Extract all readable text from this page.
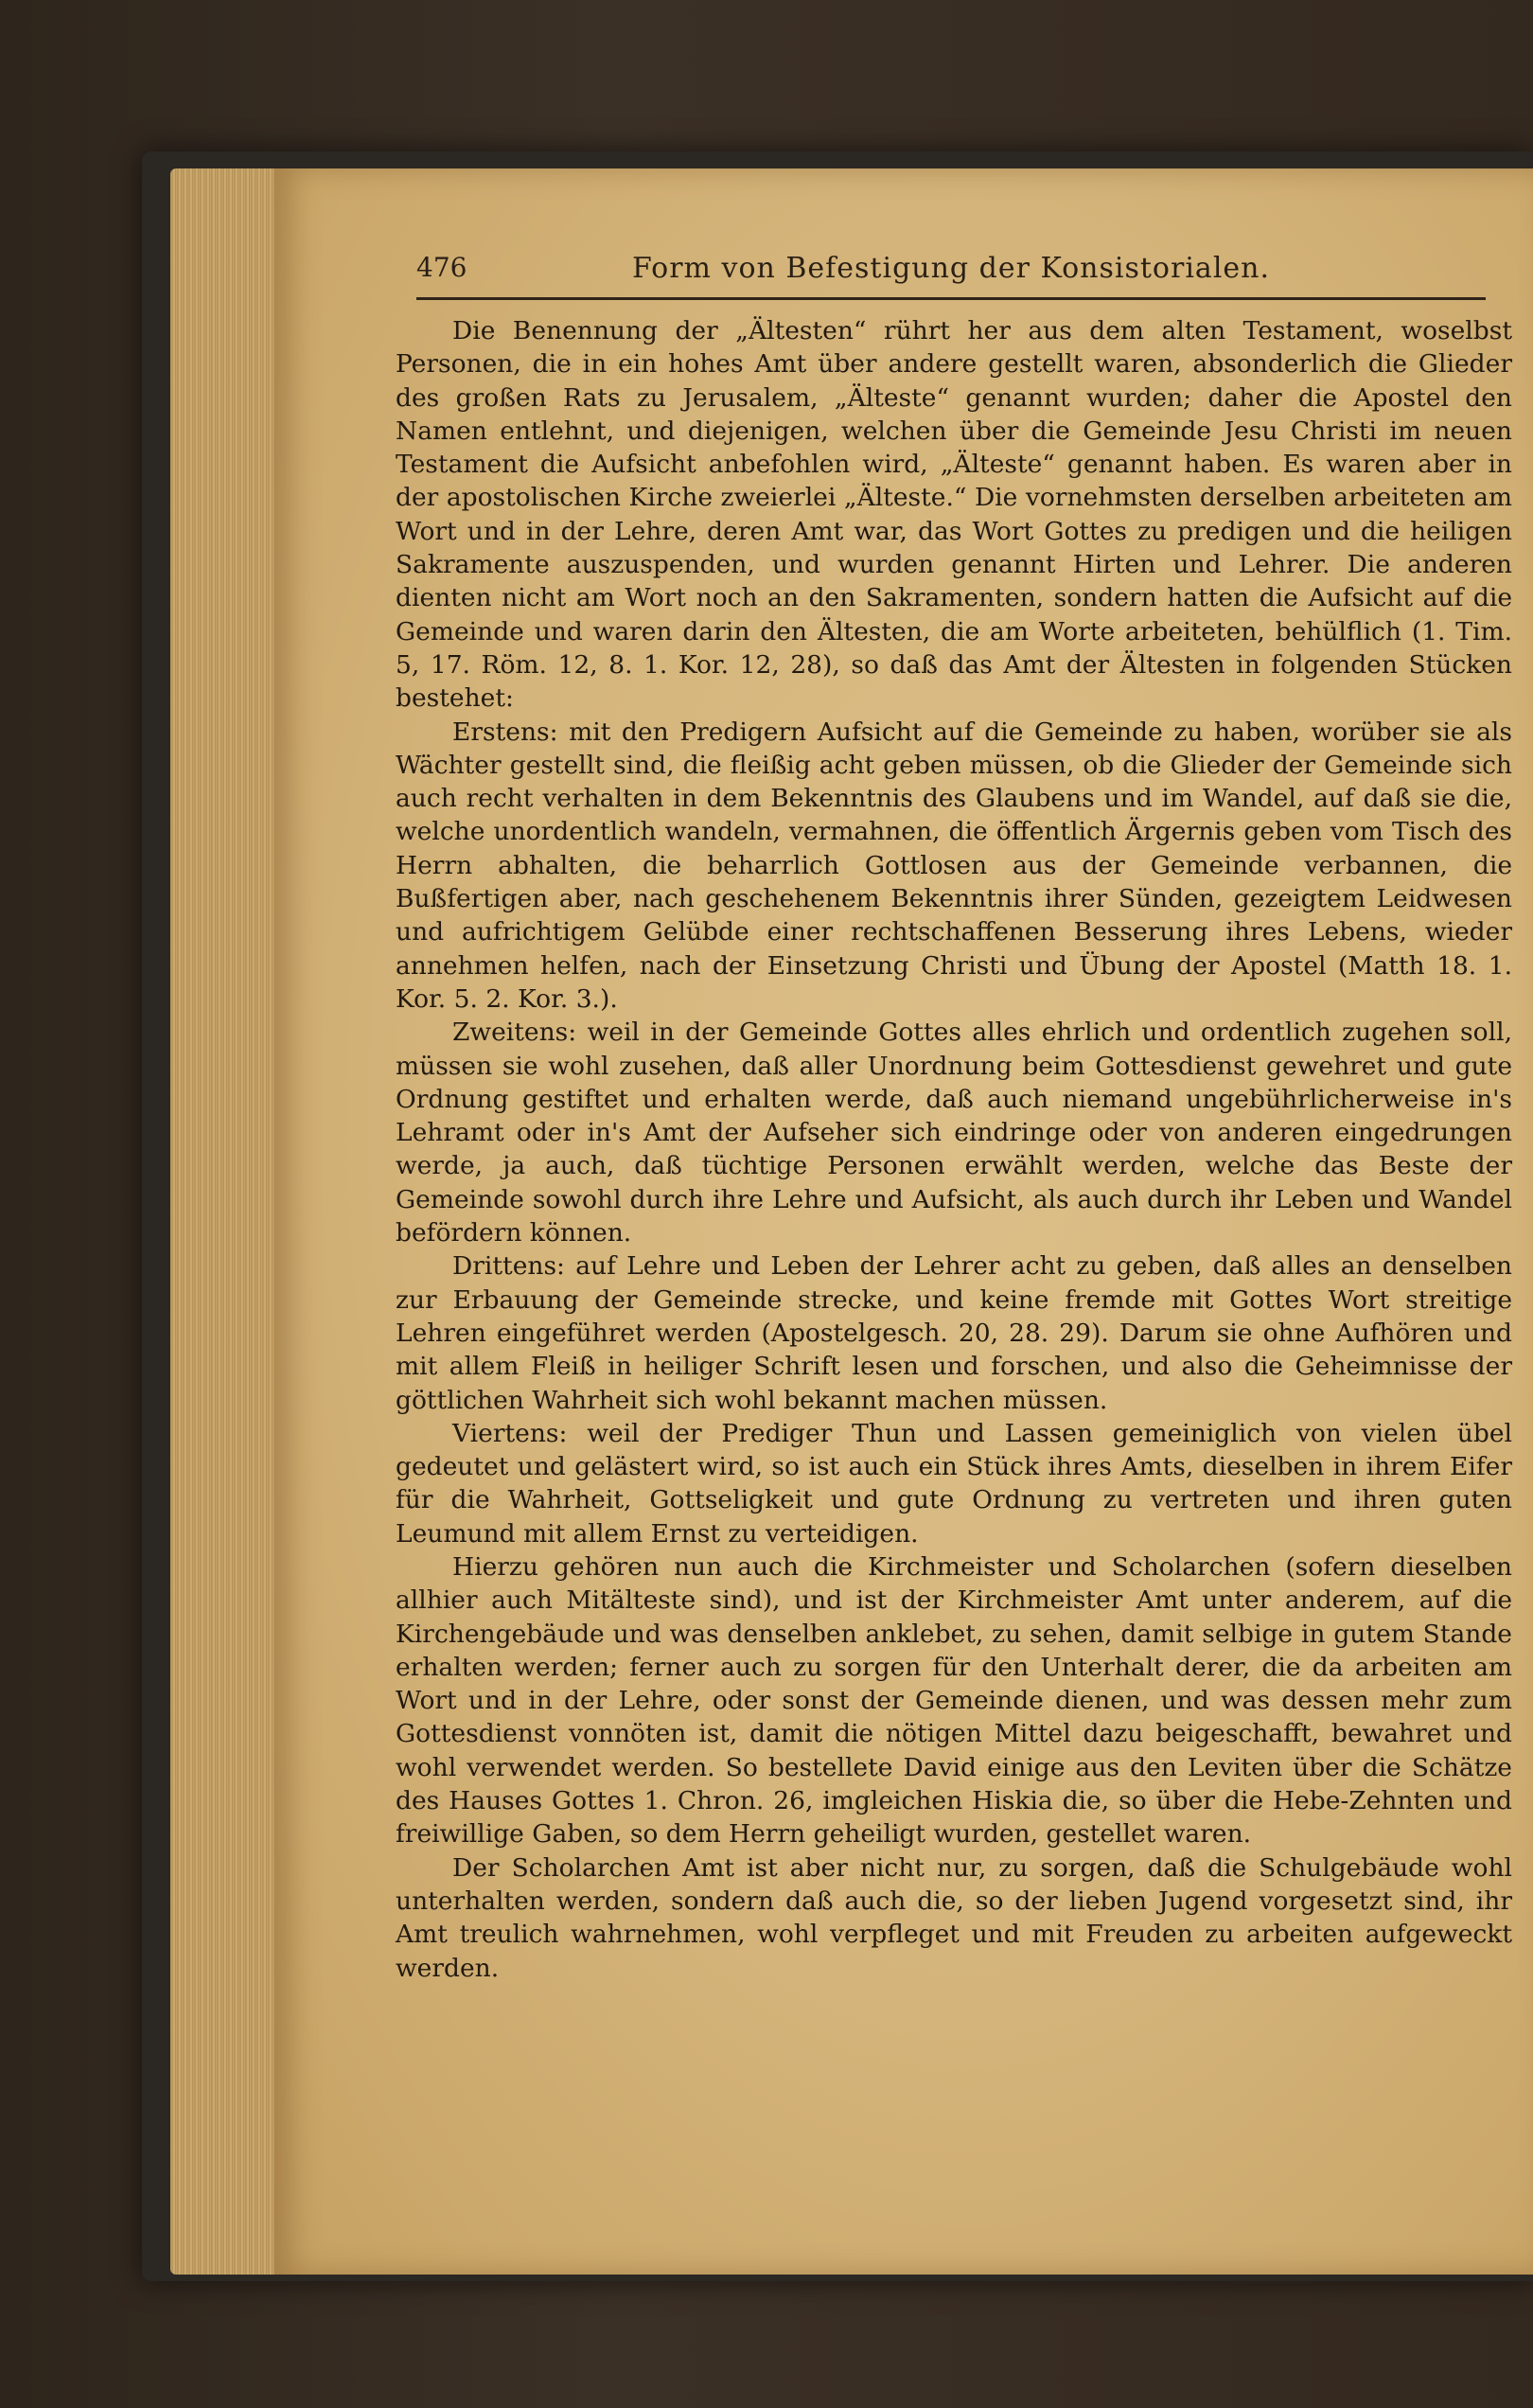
476	Form von Befestigung der Konsistorialen.

Die Benennung der „Ältesten“ rührt her aus dem alten Testament, woselbst Personen, die in ein hohes Amt über andere gestellt waren, absonderlich die Glieder des großen Rats zu Jerusalem, „Älteste“ genannt wurden; daher die Apostel den Namen entlehnt, und diejenigen, welchen über die Gemeinde Jesu Christi im neuen Testament die Aufsicht anbefohlen wird, „Älteste“ genannt haben. Es waren aber in der apostolischen Kirche zweierlei „Älteste.“ Die vornehmsten derselben arbeiteten am Wort und in der Lehre, deren Amt war, das Wort Gottes zu predigen und die heiligen Sakramente auszuspenden, und wurden genannt Hirten und Lehrer. Die anderen dienten nicht am Wort noch an den Sakramenten, sondern hatten die Aufsicht auf die Gemeinde und waren darin den Ältesten, die am Worte arbeiteten, behülflich (1. Tim. 5, 17. Röm. 12, 8. 1. Kor. 12, 28), so daß das Amt der Ältesten in folgenden Stücken bestehet:

Erstens: mit den Predigern Aufsicht auf die Gemeinde zu haben, worüber sie als Wächter gestellt sind, die fleißig acht geben müssen, ob die Glieder der Gemeinde sich auch recht verhalten in dem Bekenntnis des Glaubens und im Wandel, auf daß sie die, welche unordentlich wandeln, vermahnen, die öffentlich Ärgernis geben vom Tisch des Herrn abhalten, die beharrlich Gottlosen aus der Gemeinde verbannen, die Bußfertigen aber, nach geschehenem Bekenntnis ihrer Sünden, gezeigtem Leidwesen und aufrichtigem Gelübde einer rechtschaffenen Besserung ihres Lebens, wieder annehmen helfen, nach der Einsetzung Christi und Übung der Apostel (Matth 18. 1. Kor. 5. 2. Kor. 3.).

Zweitens: weil in der Gemeinde Gottes alles ehrlich und ordentlich zugehen soll, müssen sie wohl zusehen, daß aller Unordnung beim Gottesdienst gewehret und gute Ordnung gestiftet und erhalten werde, daß auch niemand ungebührlicherweise in's Lehramt oder in's Amt der Aufseher sich eindringe oder von anderen eingedrungen werde, ja auch, daß tüchtige Personen erwählt werden, welche das Beste der Gemeinde sowohl durch ihre Lehre und Aufsicht, als auch durch ihr Leben und Wandel befördern können.

Drittens: auf Lehre und Leben der Lehrer acht zu geben, daß alles an denselben zur Erbauung der Gemeinde strecke, und keine fremde mit Gottes Wort streitige Lehren eingeführet werden (Apostelgesch. 20, 28. 29). Darum sie ohne Aufhören und mit allem Fleiß in heiliger Schrift lesen und forschen, und also die Geheimnisse der göttlichen Wahrheit sich wohl bekannt machen müssen.

Viertens: weil der Prediger Thun und Lassen gemeiniglich von vielen übel gedeutet und gelästert wird, so ist auch ein Stück ihres Amts, dieselben in ihrem Eifer für die Wahrheit, Gottseligkeit und gute Ordnung zu vertreten und ihren guten Leumund mit allem Ernst zu verteidigen.

Hierzu gehören nun auch die Kirchmeister und Scholarchen (sofern dieselben allhier auch Mitälteste sind), und ist der Kirchmeister Amt unter anderem, auf die Kirchengebäude und was denselben anklebet, zu sehen, damit selbige in gutem Stande erhalten werden; ferner auch zu sorgen für den Unterhalt derer, die da arbeiten am Wort und in der Lehre, oder sonst der Gemeinde dienen, und was dessen mehr zum Gottesdienst vonnöten ist, damit die nötigen Mittel dazu beigeschafft, bewahret und wohl verwendet werden. So bestellete David einige aus den Leviten über die Schätze des Hauses Gottes 1. Chron. 26, imgleichen Hiskia die, so über die Hebe-Zehnten und freiwillige Gaben, so dem Herrn geheiligt wurden, gestellet waren.

Der Scholarchen Amt ist aber nicht nur, zu sorgen, daß die Schulgebäude wohl unterhalten werden, sondern daß auch die, so der lieben Jugend vorgesetzt sind, ihr Amt treulich wahrnehmen, wohl verpfleget und mit Freuden zu arbeiten aufgeweckt werden.
